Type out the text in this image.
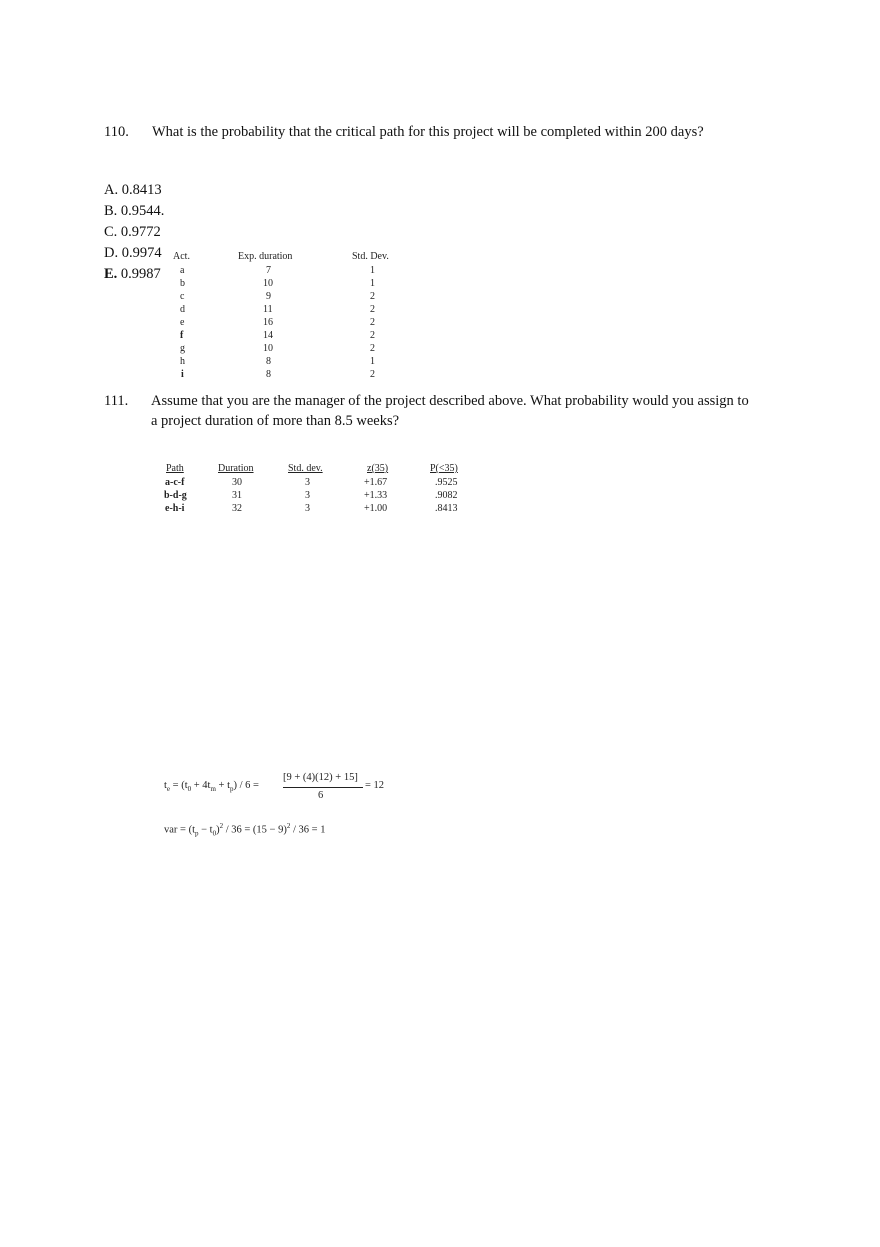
110. What is the probability that the critical path for this project will be completed within 200 days?
A. 0.8413
B. 0.9544.
C. 0.9772
D. 0.9974
E. 0.9987
Act.	Exp. duration	Std. Dev.
a	7	1
b	10	1
c	9	2
d	11	2
e	16	2
f	14	2
g	10	2
h	8	1
i	8	2
111. Assume that you are the manager of the project described above. What probability would you assign to
a project duration of more than 8.5 weeks?
Path	Duration	Std. dev.	z(35)	P(<35)
a-c-f	30	3	+1.67	.9525
b-d-g	31	3	+1.33	.9082
e-h-i	32	3	+1.00	.8413
$t_e = (t_0 + 4t_m + t_p) / 6$ =
[9 + (4)(12) + 15]
6
= 12
var = $(t_p - t_0)^2 / 36 = (15 - 9)^2 / 36 = 1$
